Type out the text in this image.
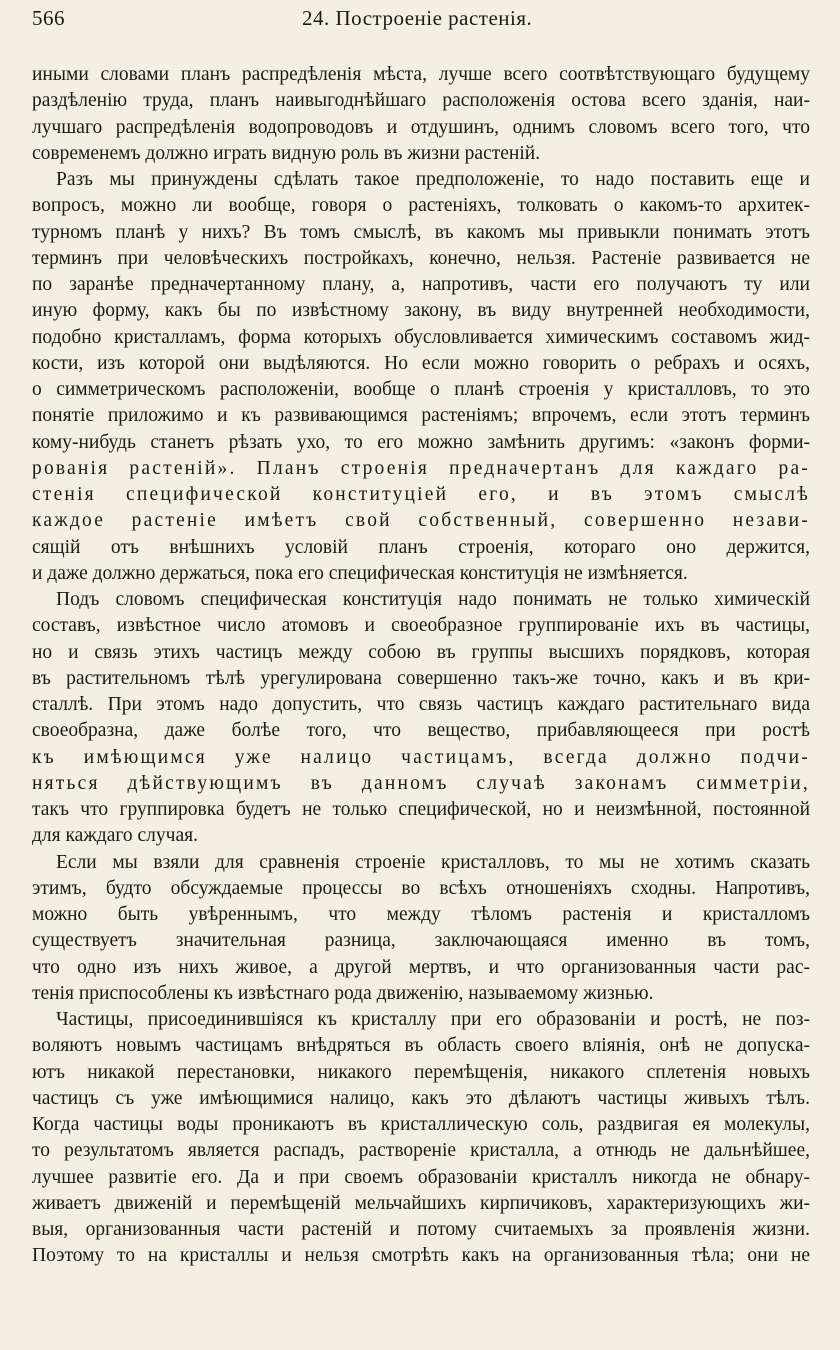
566	24. Построеніе растенія.
иными словами планъ распредѣленія мѣста, лучше всего соотвѣтствующаго будущему
раздѣленію труда, планъ наивыгоднѣйшаго расположенія остова всего зданія, наи-
лучшаго распредѣленія водопроводовъ и отдушинъ, однимъ словомъ всего того, что
современемъ должно играть видную роль въ жизни растеній.
Разъ мы принуждены сдѣлать такое предположеніе, то надо поставить еще и
вопросъ, можно ли вообще, говоря о растеніяхъ, толковать о какомъ-то архитек-
турномъ планѣ у нихъ? Въ томъ смыслѣ, въ какомъ мы привыкли понимать этотъ
терминъ при человѣческихъ постройкахъ, конечно, нельзя. Растеніе развивается не
по заранѣе предначертанному плану, а, напротивъ, части его получаютъ ту или
иную форму, какъ бы по извѣстному закону, въ виду внутренней необходимости,
подобно кристалламъ, форма которыхъ обусловливается химическимъ составомъ жид-
кости, изъ которой они выдѣляются. Но если можно говорить о ребрахъ и осяхъ,
о симметрическомъ расположеніи, вообще о планѣ строенія у кристалловъ, то это
понятіе приложимо и къ развивающимся растеніямъ; впрочемъ, если этотъ терминъ
кому-нибудь станетъ рѣзать ухо, то его можно замѣнить другимъ: «законъ форми-
рованія растеній». Планъ строенія предначертанъ для каждаго ра-
стенія специфической конституціей его, и въ этомъ смыслѣ
каждое растеніе имѣетъ свой собственный, совершенно незави-
сящій отъ внѣшнихъ условій планъ строенія, котораго оно держится,
и даже должно держаться, пока его специфическая конституція не измѣняется.
Подъ словомъ специфическая конституція надо понимать не только химическій
составъ, извѣстное число атомовъ и своеобразное группированіе ихъ въ частицы,
но и связь этихъ частицъ между собою въ группы высшихъ порядковъ, которая
въ растительномъ тѣлѣ урегулирована совершенно такъ-же точно, какъ и въ кри-
сталлѣ. При этомъ надо допустить, что связь частицъ каждаго растительнаго вида
своеобразна, даже болѣе того, что вещество, прибавляющееся при ростѣ
къ имѣющимся уже налицо частицамъ, всегда должно подчи-
няться дѣйствующимъ въ данномъ случаѣ законамъ симметріи,
такъ что группировка будетъ не только специфической, но и неизмѣнной, постоянной
для каждаго случая.
Если мы взяли для сравненія строеніе кристалловъ, то мы не хотимъ сказать
этимъ, будто обсуждаемые процессы во всѣхъ отношеніяхъ сходны. Напротивъ,
можно быть увѣреннымъ, что между тѣломъ растенія и кристалломъ
существуетъ значительная разница, заключающаяся именно въ томъ,
что одно изъ нихъ живое, а другой мертвъ, и что организованныя части рас-
тенія приспособлены къ извѣстнаго рода движенію, называемому жизнью.
Частицы, присоединившіяся къ кристаллу при его образованіи и ростѣ, не поз-
воляютъ новымъ частицамъ внѣдряться въ область своего вліянія, онѣ не допуска-
ютъ никакой перестановки, никакого перемѣщенія, никакого сплетенія новыхъ
частицъ съ уже имѣющимися налицо, какъ это дѣлаютъ частицы живыхъ тѣлъ.
Когда частицы воды проникаютъ въ кристаллическую соль, раздвигая ея молекулы,
то результатомъ является распадъ, раствореніе кристалла, а отнюдь не дальнѣйшее,
лучшее развитіе его. Да и при своемъ образованіи кристаллъ никогда не обнару-
живаетъ движеній и перемѣщеній мельчайшихъ кирпичиковъ, характеризующихъ жи-
выя, организованныя части растеній и потому считаемыхъ за проявленія жизни.
Поэтому то на кристаллы и нельзя смотрѣть какъ на организованныя тѣла; они не
